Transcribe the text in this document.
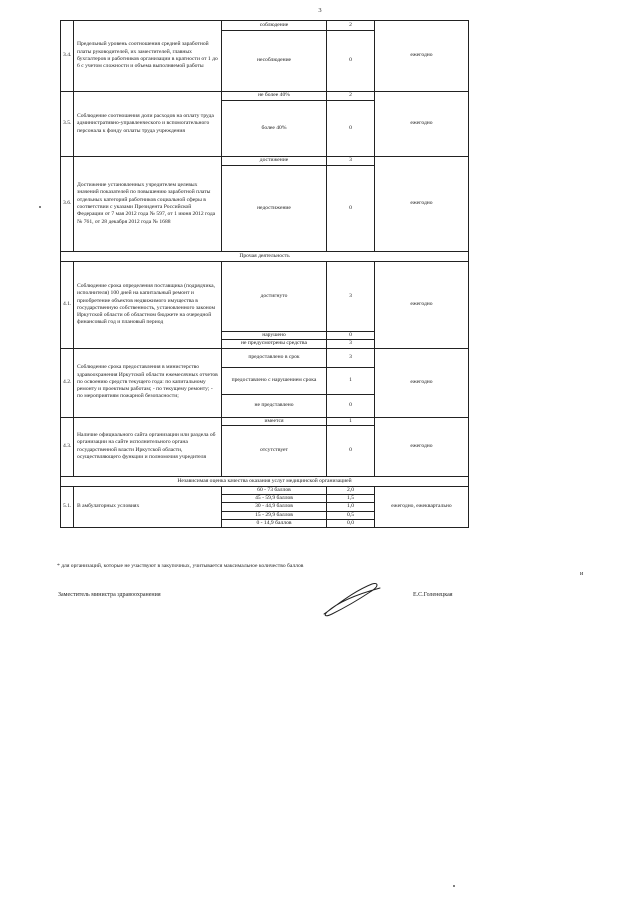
3
3.4.	Предельный уровень соотношения средней заработной платы руководителей, их заместителей, главных бухгалтеров и работников организации в кратности от 1 до 6 с учетом сложности и объема выполняемой работы	соблюдение	2	ежегодно
		несоблюдение	0	
3.5.	Соблюдение соотношения доли расходов на оплату труда административно-управленческого и вспомогательного персонала к фонду оплаты труда учреждения	не более 40%	2	ежегодно
		более 40%	0	
3.6.	Достижение установленных учредителем целевых значений показателей по повышению заработной платы отдельных категорий работников социальной сферы в соответствии с указами Президента Российской Федерации от 7 мая 2012 года № 597, от 1 июня 2012 года № 761, от 28 декабря 2012 года № 1688	достижение	3	ежегодно
		недостижение	0	
Прочая деятельность				
4.1.	Соблюдение срока определения поставщика (подрядчика, исполнителя) 100 дней на капитальный ремонт и приобретение объектов недвижимого имущества в государственную собственность, установленного законом Иркутской области об областном бюджете на очередной финансовый год и плановый период	достигнуто	3	ежегодно
		нарушено	0	
		не предусмотрены средства	3	
4.2.	Соблюдение срока предоставления в министерство здравоохранения Иркутской области ежемесячных отчетов по освоению средств текущего года: по капитальному ремонту и проектным работам; - по текущему ремонту; - по мероприятиям пожарной безопасности;	предоставлено в срок	3	ежегодно
		предоставлено с нарушением срока	1	
		не представлено	0	
4.3.	Наличие официального сайта организации или раздела об организации на сайте исполнительного органа государственной власти Иркутской области, осуществляющего функции и полномочия учредителя	имеется	1	ежегодно
		отсутствует	0	
Независимая оценка качества оказания услуг медицинской организацией				
5.1.	В амбулаторных условиях	60 - 73 баллов	2,0	ежегодно, ежеквартально
		45 - 59,9 баллов	1,5	
		30 - 44,9 баллов	1,0	
		15 - 29,9 баллов	0,5	
		0 - 14,9 баллов	0,0	
* для организаций, которые не участвуют в закупочных, учитывается максимальное количество баллов
и
Заместитель министра здравоохранения	Е.С.Голенецкая
